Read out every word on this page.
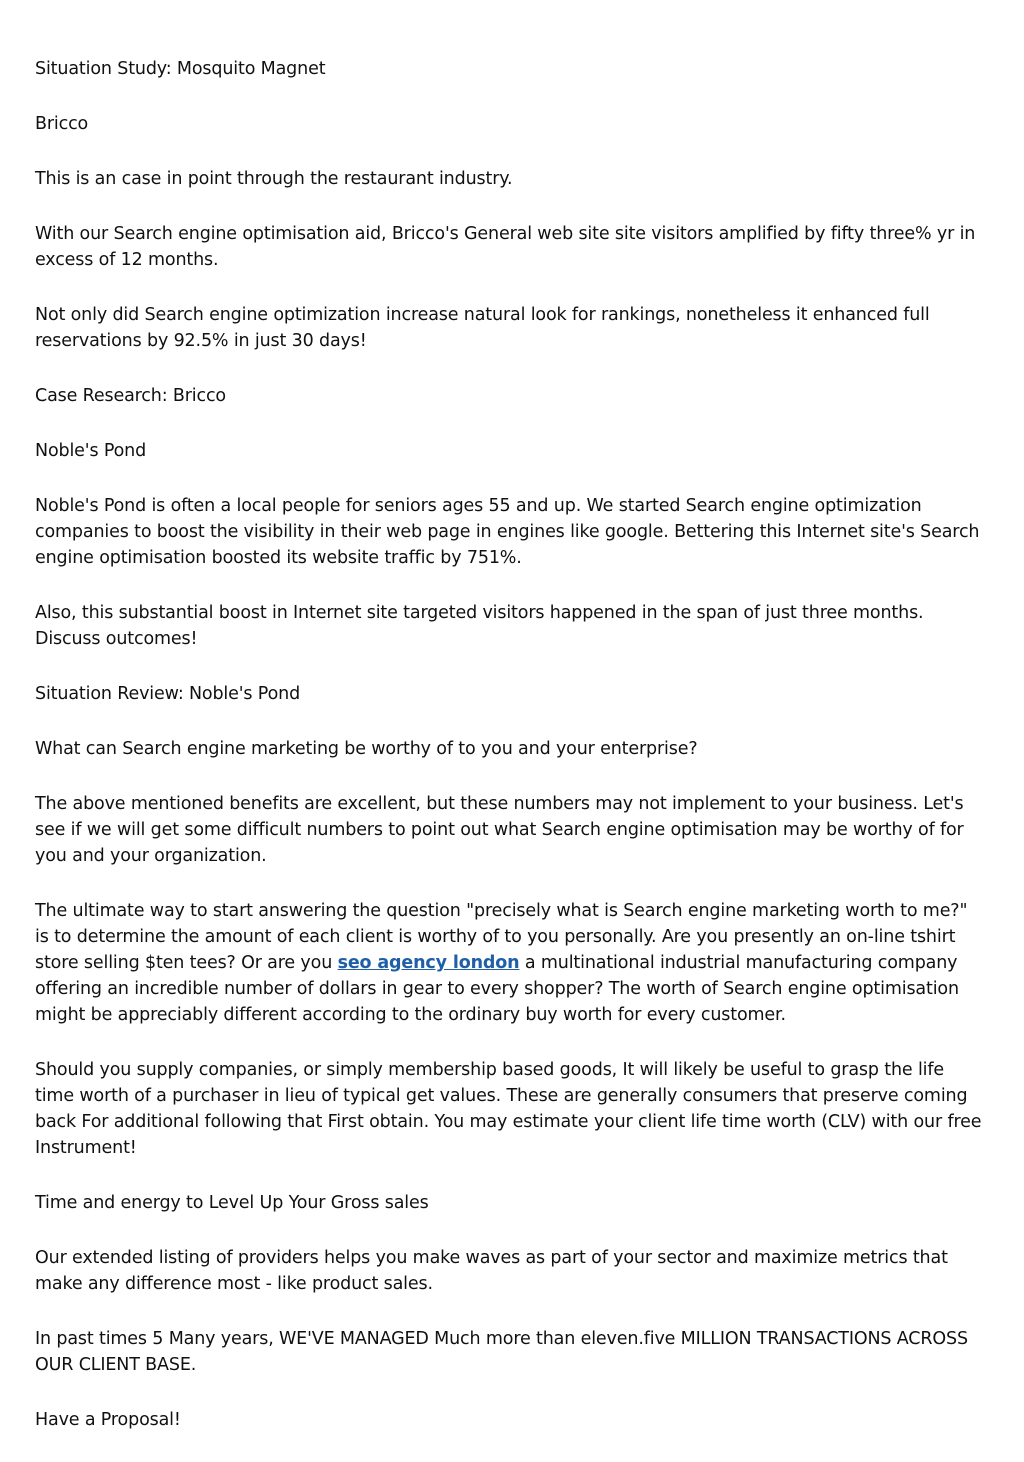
Situation Study: Mosquito Magnet

Bricco

This is an case in point through the restaurant industry.

With our Search engine optimisation aid, Bricco's General web site site visitors amplified by fifty three% yr in excess of 12 months.

Not only did Search engine optimization increase natural look for rankings, nonetheless it enhanced full reservations by 92.5% in just 30 days!

Case Research: Bricco

Noble's Pond

Noble's Pond is often a local people for seniors ages 55 and up. We started Search engine optimization companies to boost the visibility in their web page in engines like google. Bettering this Internet site's Search engine optimisation boosted its website traffic by 751%.

Also, this substantial boost in Internet site targeted visitors happened in the span of just three months. Discuss outcomes!

Situation Review: Noble's Pond

What can Search engine marketing be worthy of to you and your enterprise?

The above mentioned benefits are excellent, but these numbers may not implement to your business. Let's see if we will get some difficult numbers to point out what Search engine optimisation may be worthy of for you and your organization.

The ultimate way to start answering the question "precisely what is Search engine marketing worth to me?" is to determine the amount of each client is worthy of to you personally. Are you presently an on-line tshirt store selling $ten tees? Or are you seo agency london a multinational industrial manufacturing company offering an incredible number of dollars in gear to every shopper? The worth of Search engine optimisation might be appreciably different according to the ordinary buy worth for every customer.

Should you supply companies, or simply membership based goods, It will likely be useful to grasp the life time worth of a purchaser in lieu of typical get values. These are generally consumers that preserve coming back For additional following that First obtain. You may estimate your client life time worth (CLV) with our free Instrument!

Time and energy to Level Up Your Gross sales

Our extended listing of providers helps you make waves as part of your sector and maximize metrics that make any difference most - like product sales.

In past times 5 Many years, WE'VE MANAGED Much more than eleven.five MILLION TRANSACTIONS ACROSS OUR CLIENT BASE.

Have a Proposal!
